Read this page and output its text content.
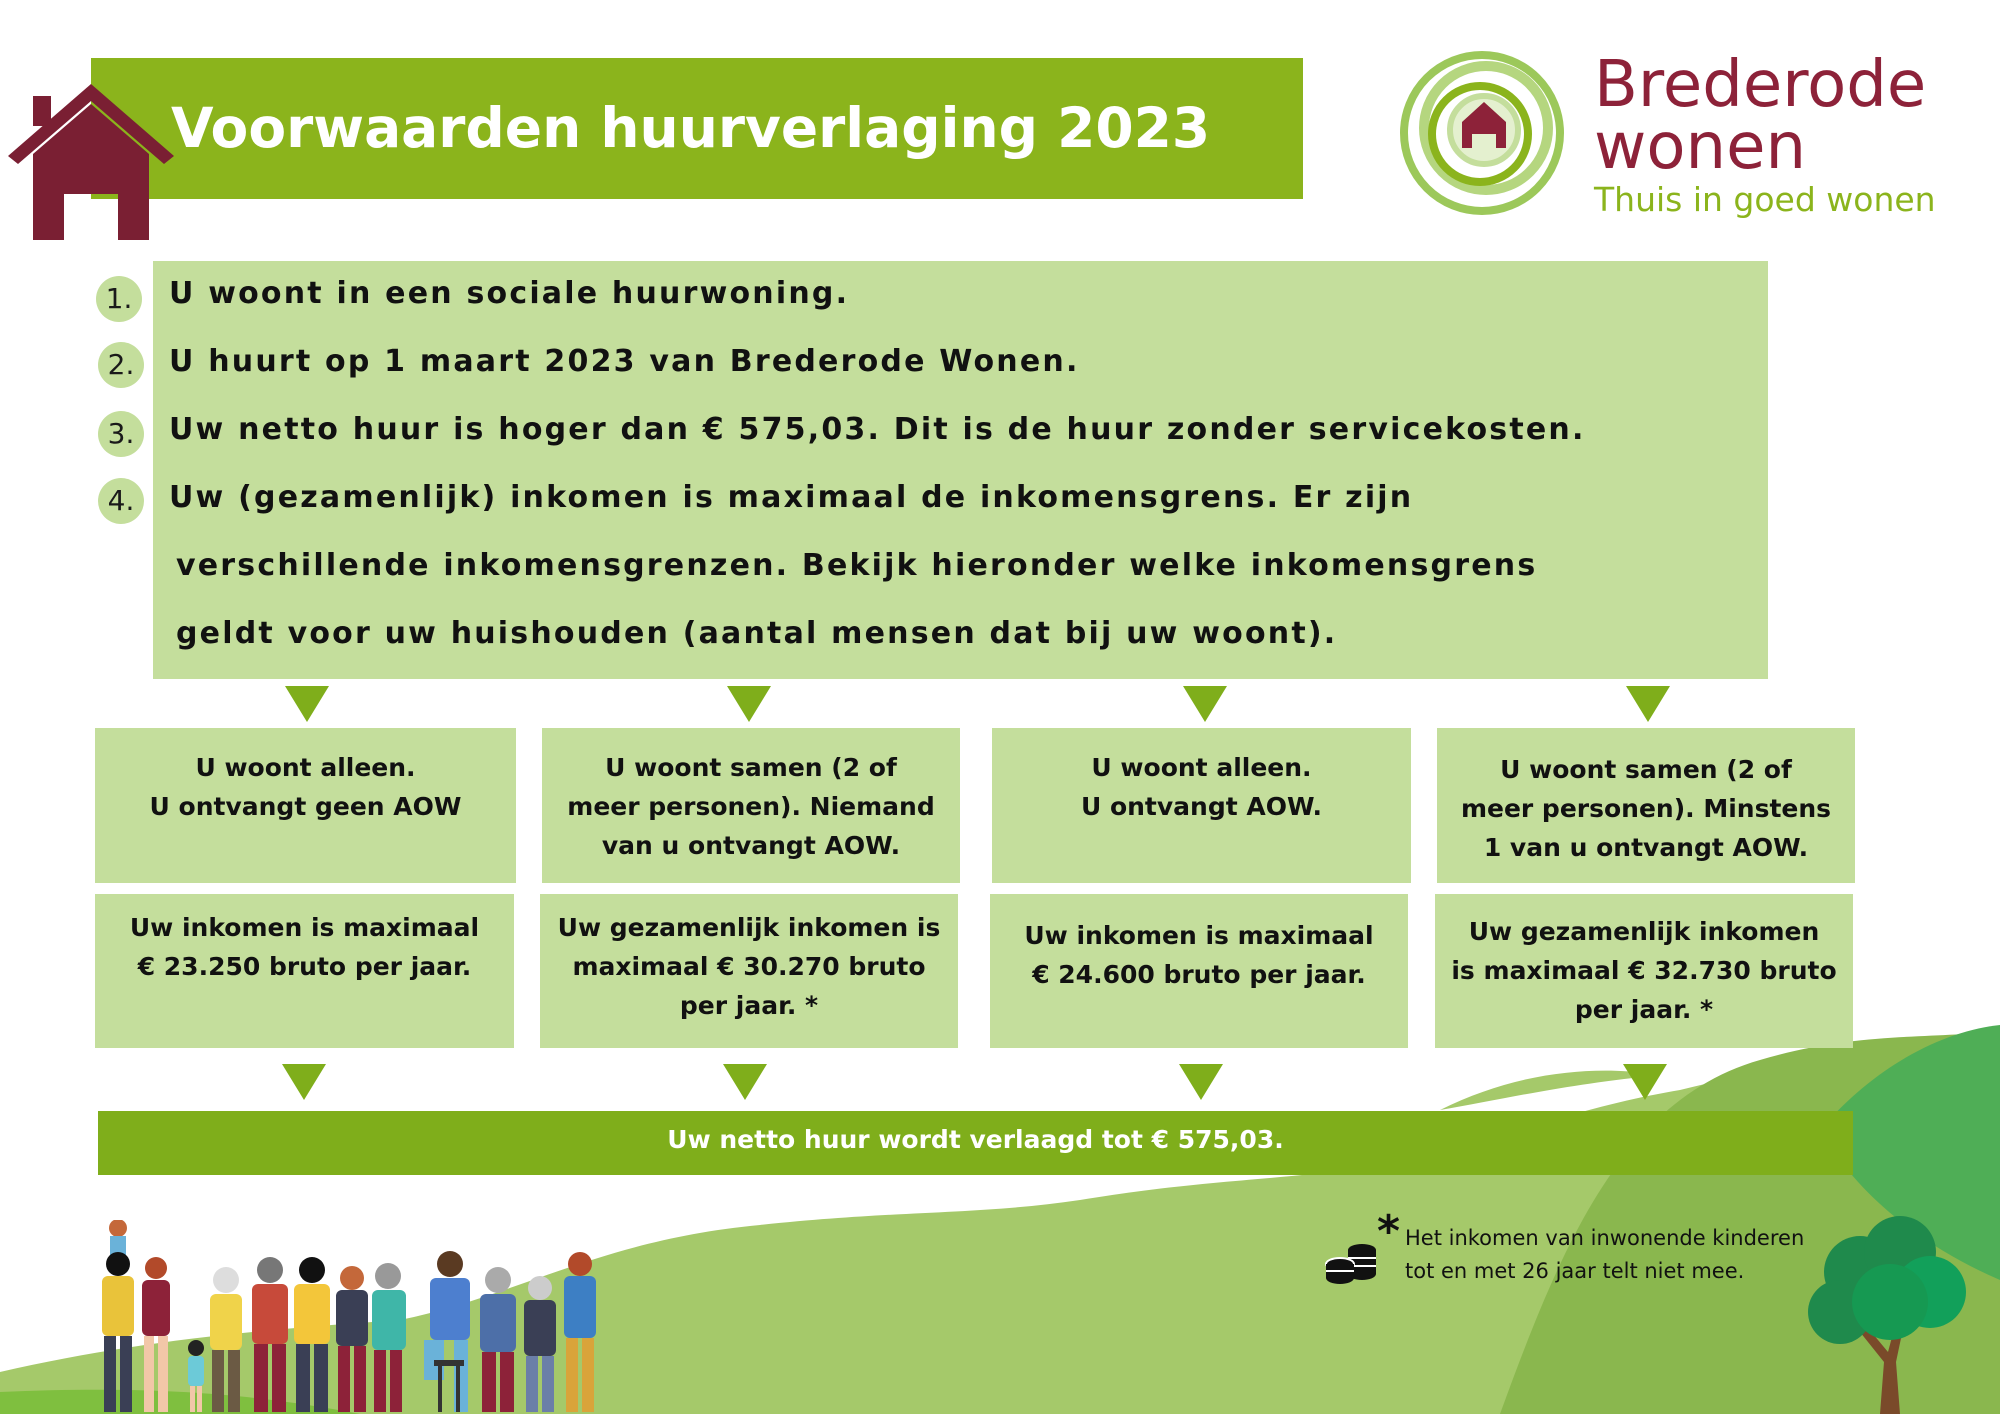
Voorwaarden huurverlaging 2023
Brederode
wonen
Thuis in goed wonen
1.	U woont in een sociale huurwoning.
2.	U huurt op 1 maart 2023 van Brederode Wonen.
3.	Uw netto huur is hoger dan € 575,03. Dit is de huur zonder servicekosten.
4.	Uw (gezamenlijk) inkomen is maximaal de inkomensgrens. Er zijn
verschillende inkomensgrenzen. Bekijk hieronder welke inkomensgrens
geldt voor uw huishouden (aantal mensen dat bij uw woont).
U woont alleen.
U ontvangt geen AOW
U woont samen (2 of
meer personen). Niemand
van u ontvangt AOW.
U woont alleen.
U ontvangt AOW.
U woont samen (2 of
meer personen). Minstens
1 van u ontvangt AOW.
Uw inkomen is maximaal
€ 23.250 bruto per jaar.
Uw gezamenlijk inkomen is
maximaal € 30.270 bruto
per jaar. *
Uw inkomen is maximaal
€ 24.600 bruto per jaar.
Uw gezamenlijk inkomen
is maximaal € 32.730 bruto
per jaar. *
Uw netto huur wordt verlaagd tot € 575,03.
* Het inkomen van inwonende kinderen
tot en met 26 jaar telt niet mee.
